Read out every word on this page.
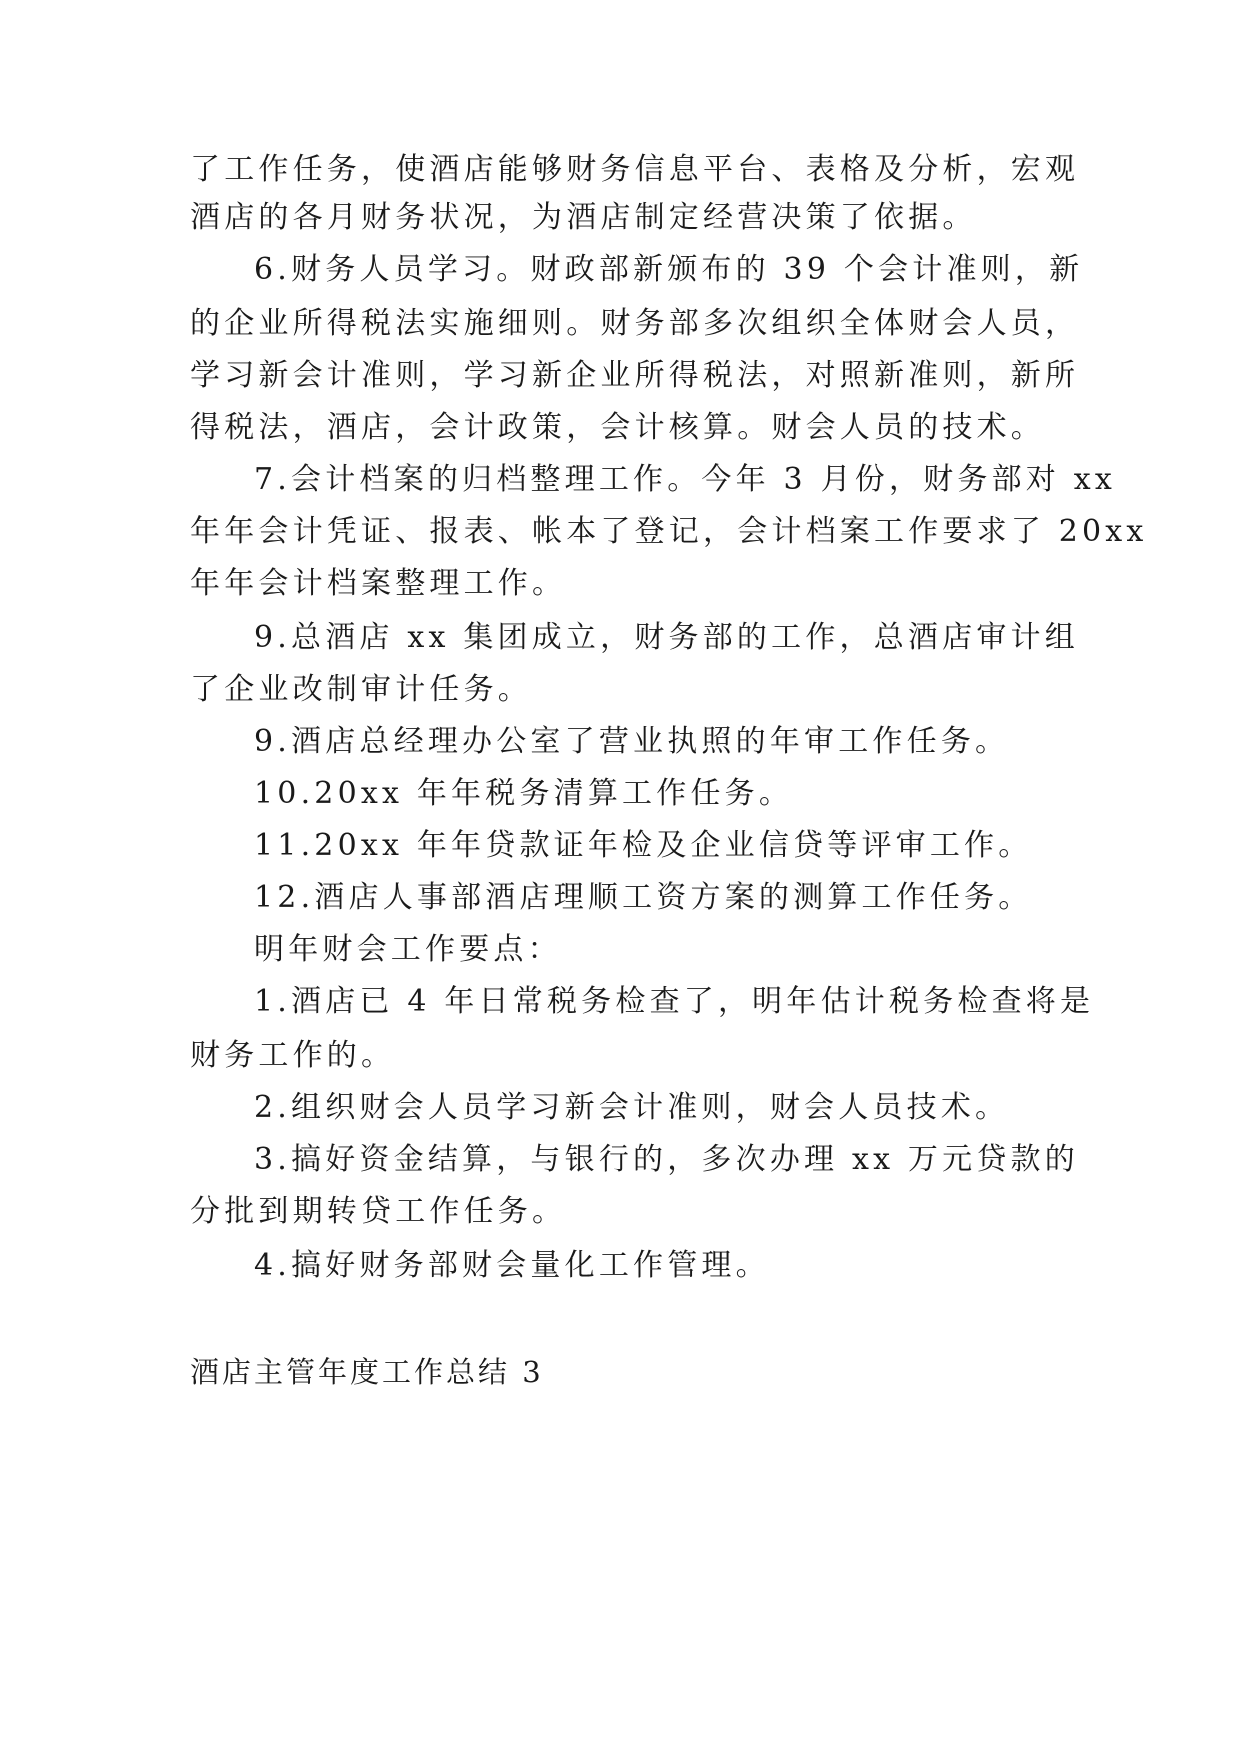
了工作任务，使酒店能够财务信息平台、表格及分析，宏观
酒店的各月财务状况，为酒店制定经营决策了依据。
6.财务人员学习。财政部新颁布的 39 个会计准则，新
的企业所得税法实施细则。财务部多次组织全体财会人员，
学习新会计准则，学习新企业所得税法，对照新准则，新所
得税法，酒店，会计政策，会计核算。财会人员的技术。
7.会计档案的归档整理工作。今年 3 月份，财务部对 xx
年年会计凭证、报表、帐本了登记，会计档案工作要求了 20xx
年年会计档案整理工作。
9.总酒店 xx 集团成立，财务部的工作，总酒店审计组
了企业改制审计任务。
9.酒店总经理办公室了营业执照的年审工作任务。
10.20xx 年年税务清算工作任务。
11.20xx 年年贷款证年检及企业信贷等评审工作。
12.酒店人事部酒店理顺工资方案的测算工作任务。
明年财会工作要点：
1.酒店已 4 年日常税务检查了，明年估计税务检查将是
财务工作的。
2.组织财会人员学习新会计准则，财会人员技术。
3.搞好资金结算，与银行的，多次办理 xx 万元贷款的
分批到期转贷工作任务。
4.搞好财务部财会量化工作管理。
酒店主管年度工作总结 3
